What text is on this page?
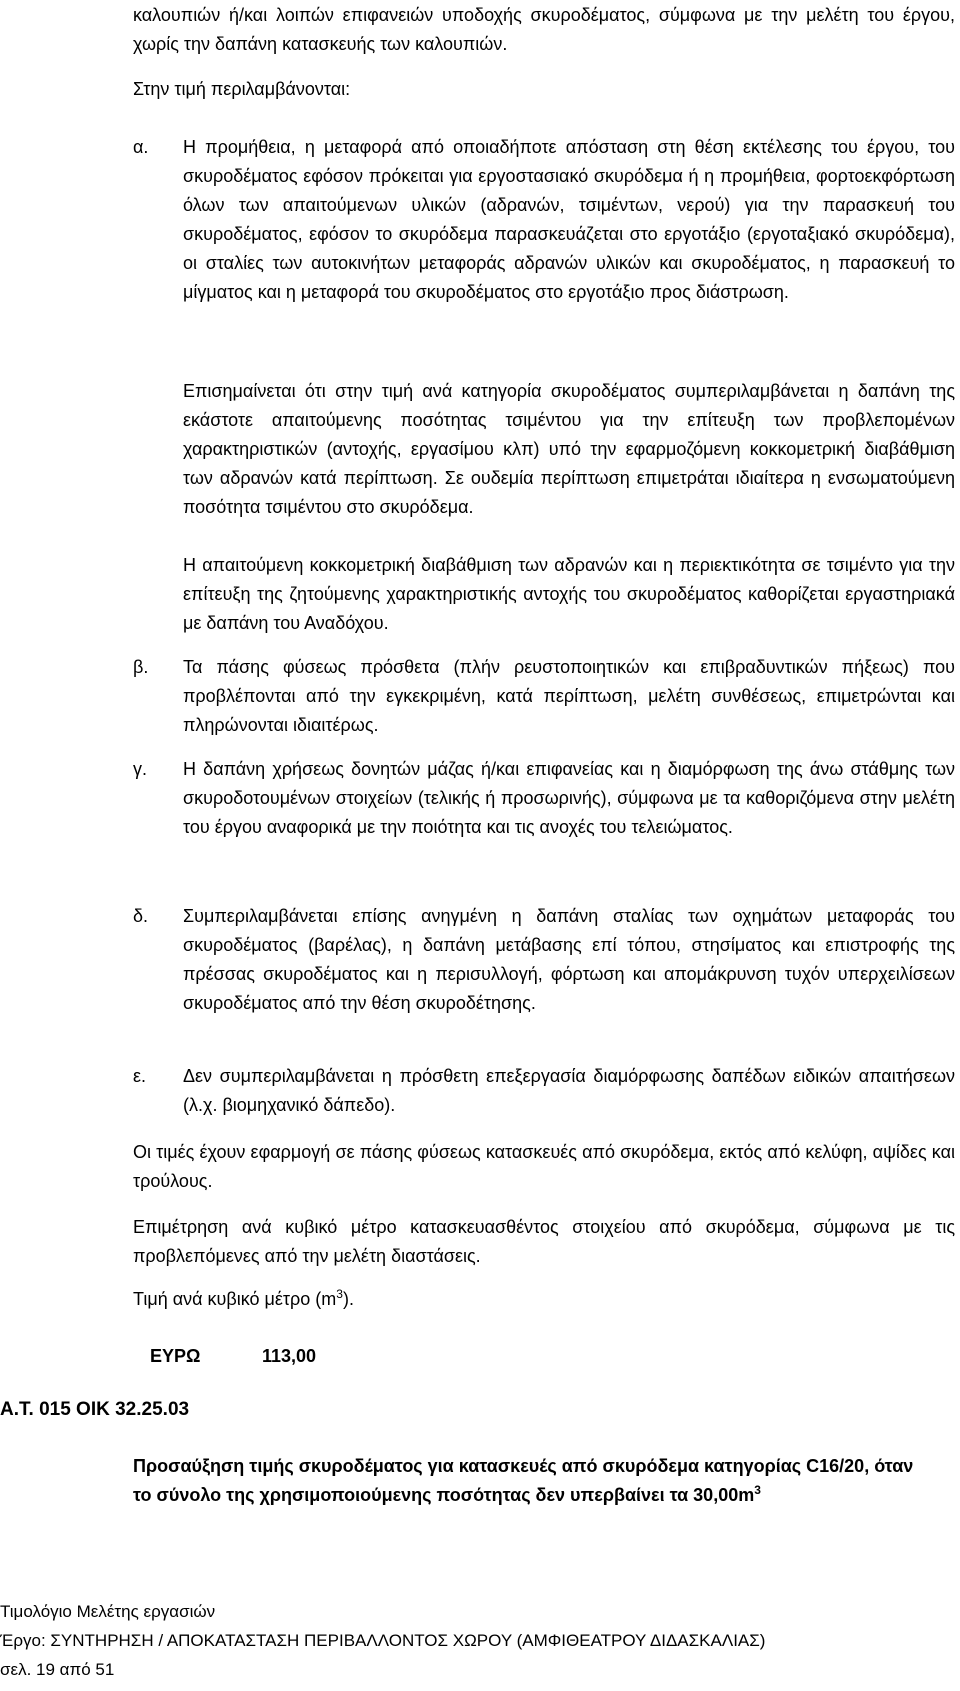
καλουπιών ή/και λοιπών επιφανειών υποδοχής σκυροδέματος, σύμφωνα με την μελέτη του έργου, χωρίς την δαπάνη κατασκευής των καλουπιών.

Στην τιμή περιλαμβάνονται:

α. Η προμήθεια, η μεταφορά από οποιαδήποτε απόσταση στη θέση εκτέλεσης του έργου, του σκυροδέματος εφόσον πρόκειται για εργοστασιακό σκυρόδεμα ή η προμήθεια, φορτοεκφόρτωση όλων των απαιτούμενων υλικών (αδρανών, τσιμέντων, νερού) για την παρασκευή του σκυροδέματος, εφόσον το σκυρόδεμα παρασκευάζεται στο εργοτάξιο (εργοταξιακό σκυρόδεμα), οι σταλίες των αυτοκινήτων μεταφοράς αδρανών υλικών και σκυροδέματος, η παρασκευή το μίγματος και η μεταφορά του σκυροδέματος στο εργοτάξιο προς διάστρωση.

Επισημαίνεται ότι στην τιμή ανά κατηγορία σκυροδέματος συμπεριλαμβάνεται η δαπάνη της εκάστοτε απαιτούμενης ποσότητας τσιμέντου για την επίτευξη των προβλεπομένων χαρακτηριστικών (αντοχής, εργασίμου κλπ) υπό την εφαρμοζόμενη κοκκομετρική διαβάθμιση των αδρανών κατά περίπτωση. Σε ουδεμία περίπτωση επιμετράται ιδιαίτερα η ενσωματούμενη ποσότητα τσιμέντου στο σκυρόδεμα.

Η απαιτούμενη κοκκομετρική διαβάθμιση των αδρανών και η περιεκτικότητα σε τσιμέντο για την επίτευξη της ζητούμενης χαρακτηριστικής αντοχής του σκυροδέματος καθορίζεται εργαστηριακά με δαπάνη του Αναδόχου.

β. Τα πάσης φύσεως πρόσθετα (πλήν ρευστοποιητικών και επιβραδυντικών πήξεως) που προβλέπονται από την εγκεκριμένη, κατά περίπτωση, μελέτη συνθέσεως, επιμετρώνται και πληρώνονται ιδιαιτέρως.

γ. Η δαπάνη χρήσεως δονητών μάζας ή/και επιφανείας και η διαμόρφωση της άνω στάθμης των σκυροδοτουμένων στοιχείων (τελικής ή προσωρινής), σύμφωνα με τα καθοριζόμενα στην μελέτη του έργου αναφορικά με την ποιότητα και τις ανοχές του τελειώματος.

δ. Συμπεριλαμβάνεται επίσης ανηγμένη η δαπάνη σταλίας των οχημάτων μεταφοράς του σκυροδέματος (βαρέλας), η δαπάνη μετάβασης επί τόπου, στησίματος και επιστροφής της πρέσσας σκυροδέματος και η περισυλλογή, φόρτωση και απομάκρυνση τυχόν υπερχειλίσεων σκυροδέματος από την θέση σκυροδέτησης.

ε. Δεν συμπεριλαμβάνεται η πρόσθετη επεξεργασία διαμόρφωσης δαπέδων ειδικών απαιτήσεων (λ.χ. βιομηχανικό δάπεδο).

Οι τιμές έχουν εφαρμογή σε πάσης φύσεως κατασκευές από σκυρόδεμα, εκτός από κελύφη, αψίδες και τρούλους.

Επιμέτρηση ανά κυβικό μέτρο κατασκευασθέντος στοιχείου από σκυρόδεμα, σύμφωνα με τις προβλεπόμενες από την μελέτη διαστάσεις.

Τιμή ανά κυβικό μέτρο $(m^3)$.

ΕΥΡΩ	113,00
Α.Τ. 015 ΟΙΚ 32.25.03

Προσαύξηση τιμής σκυροδέματος για κατασκευές από σκυρόδεμα κατηγορίας C16/20, όταν το σύνολο της χρησιμοποιούμενης ποσότητας δεν υπερβαίνει τα $30,00m^3$

Τιμολόγιο Μελέτης εργασιών
Έργο: ΣΥΝΤΗΡΗΣΗ / ΑΠΟΚΑΤΑΣΤΑΣΗ ΠΕΡΙΒΑΛΛΟΝΤΟΣ ΧΩΡΟΥ (ΑΜΦΙΘΕΑΤΡΟΥ ΔΙΔΑΣΚΑΛΙΑΣ)
σελ. 19 από 51
